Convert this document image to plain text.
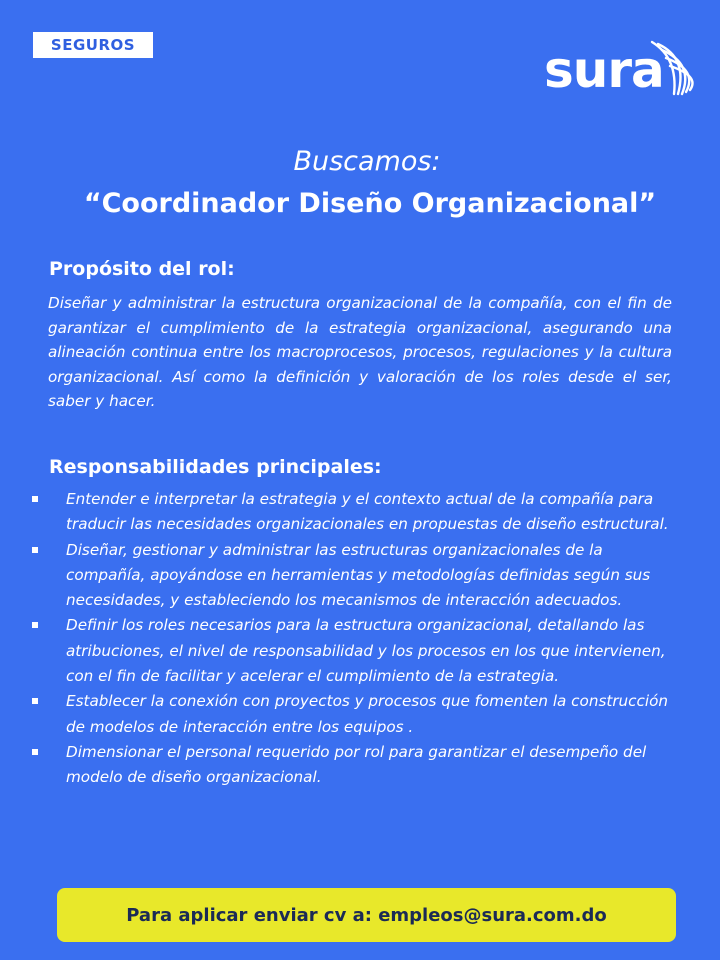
SEGUROS	sura
Buscamos:
“Coordinador Diseño Organizacional”
Propósito del rol:

Diseñar y administrar la estructura organizacional de la compañía, con el fin de garantizar el cumplimiento de la estrategia organizacional, asegurando una alineación continua entre los macroprocesos, procesos, regulaciones y la cultura organizacional. Así como la definición y valoración de los roles desde el ser, saber y hacer.

Responsabilidades principales:
Entender e interpretar la estrategia y el contexto actual de la compañía para traducir las necesidades organizacionales en propuestas de diseño estructural.
Diseñar, gestionar y administrar las estructuras organizacionales de la compañía, apoyándose en herramientas y metodologías definidas según sus necesidades, y estableciendo los mecanismos de interacción adecuados.
Definir los roles necesarios para la estructura organizacional, detallando las atribuciones, el nivel de responsabilidad y los procesos en los que intervienen, con el fin de facilitar y acelerar el cumplimiento de la estrategia.
Establecer la conexión con proyectos y procesos que fomenten la construcción de modelos de interacción entre los equipos .
Dimensionar el personal requerido por rol para garantizar el desempeño del modelo de diseño organizacional.
Para aplicar enviar cv a: empleos@sura.com.do
